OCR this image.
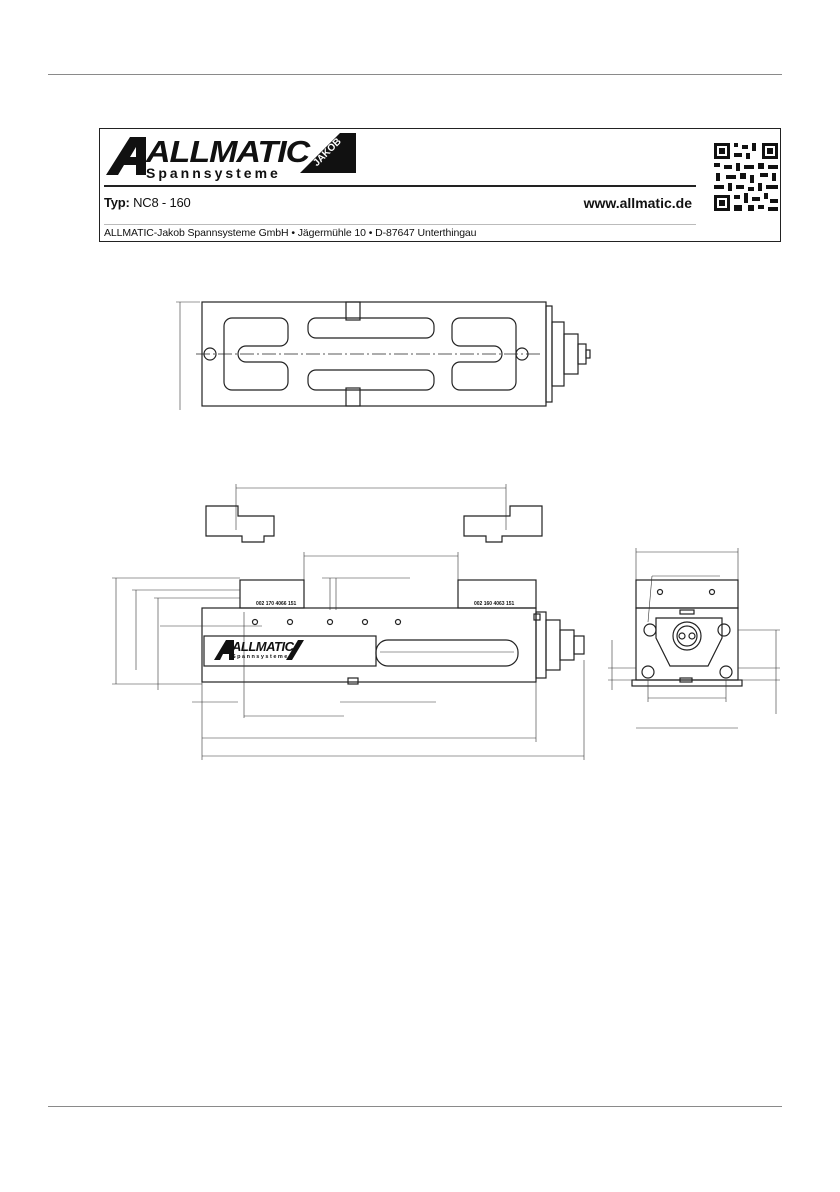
ALLMATIC
Spannsysteme
JAKOB
Typ: NC8 - 160	www.allmatic.de
ALLMATIC-Jakob Spannsysteme GmbH • Jägermühle 10 • D-87647 Unterthingau
002 170 4066 151	002 160 4063 151
ALLMATIC
Spannsysteme
